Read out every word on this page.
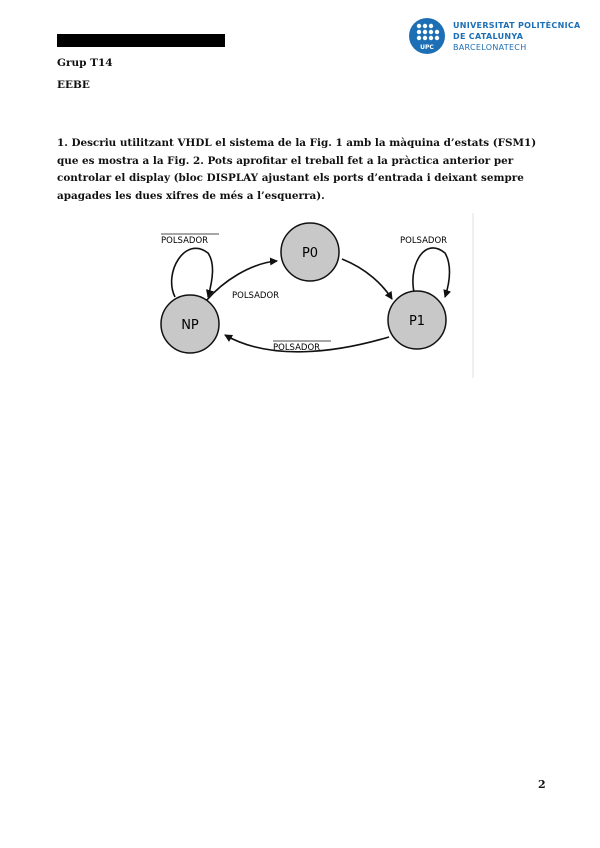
UPC
UNIVERSITAT POLITÈCNICA
DE CATALUNYA
BARCELONATECH
Grup T14
EEBE
1. Descriu utilitzant VHDL el sistema de la Fig. 1 amb la màquina d’estats (FSM1) que es mostra a la Fig. 2. Pots aprofitar el treball fet a la pràctica anterior per controlar el display (bloc DISPLAY ajustant els ports d’entrada i deixant sempre apagades les dues xifres de més a l’esquerra).
NP
P0
P1
POLSADOR
POLSADOR
POLSADOR
POLSADOR
2
